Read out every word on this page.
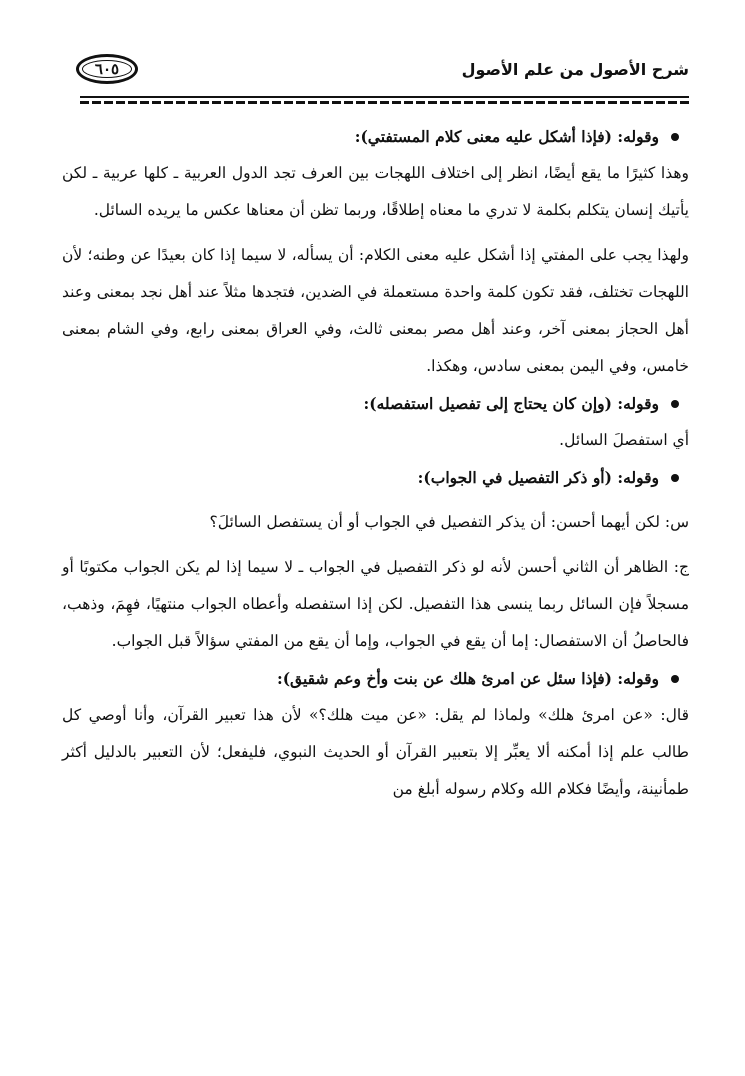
شرح الأصول من علم الأصول
٦٠٥

وقوله: (فإذا أشكل عليه معنى كلام المستفتي):

وهذا كثيرًا ما يقع أيضًا، انظر إلى اختلاف اللهجات بين العرف تجد الدول العربية ـ كلها عربية ـ لكن يأتيك إنسان يتكلم بكلمة لا تدري ما معناه إطلاقًا، وربما تظن أن معناها عكس ما يريده السائل.

ولهذا يجب على المفتي إذا أشكل عليه معنى الكلام: أن يسأله، لا سيما إذا كان بعيدًا عن وطنه؛ لأن اللهجات تختلف، فقد تكون كلمة واحدة مستعملة في الضدين، فتجدها مثلاً عند أهل نجد بمعنى وعند أهل الحجاز بمعنى آخر، وعند أهل مصر بمعنى ثالث، وفي العراق بمعنى رابع، وفي الشام بمعنى خامس، وفي اليمن بمعنى سادس، وهكذا.

وقوله: (وإن كان يحتاج إلى تفصيل استفصله):

أي استفصلَ السائل.

وقوله: (أو ذكر التفصيل في الجواب):

س: لكن أيهما أحسن: أن يذكر التفصيل في الجواب أو أن يستفصل السائلَ؟

ج: الظاهر أن الثاني أحسن لأنه لو ذكر التفصيل في الجواب ـ لا سيما إذا لم يكن الجواب مكتوبًا أو مسجلاً فإن السائل ربما ينسى هذا التفصيل. لكن إذا استفصله وأعطاه الجواب منتهيًا، فهِمَ، وذهب، فالحاصلُ أن الاستفصال: إما أن يقع في الجواب، وإما أن يقع من المفتي سؤالاً قبل الجواب.

وقوله: (فإذا سئل عن امرئ هلك عن بنت وأخ وعم شقيق):

قال: «عن امرئ هلك» ولماذا لم يقل: «عن ميت هلك؟» لأن هذا تعبير القرآن، وأنا أوصي كل طالب علم إذا أمكنه ألا يعبِّر إلا بتعبير القرآن أو الحديث النبوي، فليفعل؛ لأن التعبير بالدليل أكثر طمأنينة، وأيضًا فكلام الله وكلام رسوله أبلغ من
